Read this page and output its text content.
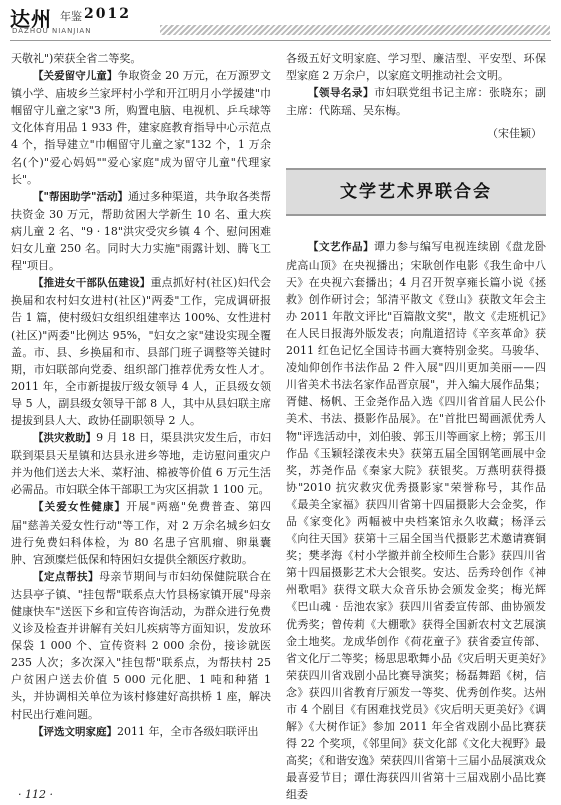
达州 年鉴 2012
DAZHOU NIANJIAN

天敬礼")荣获全省二等奖。

【关爱留守儿童】争取资金 20 万元，在万源罗文镇小学、庙坡乡兰家坪村小学和开江明月小学援建"巾帼留守儿童之家"3 所，购置电脑、电视机、乒乓球等文化体育用品 1 933 件，建家庭教育指导中心示范点 4 个，指导建立"巾帼留守儿童之家"132 个，1 万余名(个)"爱心妈妈""爱心家庭"成为留守儿童"代理家长"。

【"帮困助学"活动】通过多种渠道，共争取各类帮扶资金 30 万元，帮助贫困大学新生 10 名、重大疾病儿童 2 名、"9 · 18"洪灾受灾乡镇 4 个、慰问困难妇女儿童 250 名。同时大力实施"雨露计划、腾飞工程"项目。

【推进女干部队伍建设】重点抓好村(社区)妇代会换届和农村妇女进村(社区)"两委"工作，完成调研报告 1 篇，使村级妇女组织组建率达 100%、女性进村(社区)"两委"比例达 95%，"妇女之家"建设实现全覆盖。市、县、乡换届和市、县部门班子调整等关键时期，市妇联部向党委、组织部门推荐优秀女性人才。2011 年，全市新提拔厅级女领导 4 人，正县级女领导 5 人，副县级女领导干部 8 人，其中从县妇联主席提拔到县人大、政协任副职领导 2 人。

【洪灾救助】9 月 18 日，渠县洪灾发生后，市妇联到渠县天星镇和达县永进乡等地，走访慰问重灾户并为他们送去大米、菜籽油、棉被等价值 6 万元生活必需品。市妇联全体干部职工为灾区捐款 1 100 元。

【关爱女性健康】开展"两癌"免费普查、第四届"慈善关爱女性行动"等工作，对 2 万余名城乡妇女进行免费妇科体检，为 80 名患子宫肌瘤、卵巢囊肿、宫颈糜烂低保和特困妇女提供全额医疗救助。

【定点帮扶】母亲节期间与市妇幼保健院联合在达县亭子镇、"挂包帮"联系点大竹县杨家镇开展"母亲健康快车"送医下乡和宣传咨询活动，为群众进行免费义诊及检查并讲解有关妇儿疾病等方面知识，发放环保袋 1 000 个、宣传资料 2 000 余份，接诊就医 235 人次；多次深入"挂包帮"联系点，为帮扶村 25 户贫困户送去价值 5 000 元化肥、1 吨和种猪 1 头，并协调相关单位为该村修建好高拱桥 1 座，解决村民出行难问题。

【评选文明家庭】2011 年，全市各级妇联评出

各级五好文明家庭、学习型、廉洁型、平安型、环保型家庭 2 万余户，以家庭文明推动社会文明。

【领导名录】市妇联党组书记主席：张晓东；副主席：代陈瑶、吴东梅。

（宋佳颖）
文学艺术界联合会

【文艺作品】谭力参与编写电视连续剧《盘龙卧虎高山顶》在央视播出；宋耿创作电影《我生命中八天》在央视六套播出；4 月召开贺享雍长篇小说《拯救》创作研讨会；邹清平散文《登山》获散文年会主办 2011 年散文评比"百篇散文奖"，散文《走班机记》在人民日报海外版发表；向胤道招诗《辛亥革命》获 2011 红色记忆全国诗书画大赛特别金奖。马骏华、凌灿仰创作书法作品 2 件入展"四川更加美丽——四川省美术书法名家作品晋京展"，并入编大展作品集；胥健、杨帆、王金尧作品入选《四川省首届人民公仆美术、书法、摄影作品展》。在"首批巴蜀画派优秀人物"评选活动中，刘伯骏、郭玉川等画家上榜；郭玉川作品《玉颖轻漾夜未央》获第五届全国钢笔画展中金奖，苏尧作品《秦家大院》获银奖。万燕明获得摄协"2010 抗灾救灾优秀摄影家"荣誉称号，其作品《最美全家福》获四川省第十四届摄影大会金奖，作品《家变化》两幅被中央档案馆永久收藏；杨泽云《向往天国》获第十三届全国当代摄影艺术邀请赛铜奖；樊孝海《村小学撤并前全校师生合影》获四川省第十四届摄影艺术大会银奖。安达、岳秀玲创作《神州歌唱》获得文联大众音乐协会颁发金奖；梅光辉《巴山魂 · 岳池农家》获四川省委宣传部、曲协颁发优秀奖；曾传莉《大棚歌》获得全国新农村文艺展演金土地奖。龙成华创作《荷花童子》获省委宣传部、省文化厅二等奖；杨思思歌舞小品《灾后明天更美好》荣获四川省戏剧小品比赛导演奖；杨磊舞蹈《树，信念》获四川省教育厅颁发一等奖、优秀创作奖。达州市 4 个剧目《有困难找党员》《灾后明天更美好》《调解》《大树作证》参加 2011 年全省戏剧小品比赛获得 22 个奖项，《邻里间》获文化部《文化大视野》最高奖；《和谐安逸》荣获四川省第十三届小品展演戏众最喜爱节目；谭仕海获四川省第十三届戏剧小品比赛组委

· 112 ·
